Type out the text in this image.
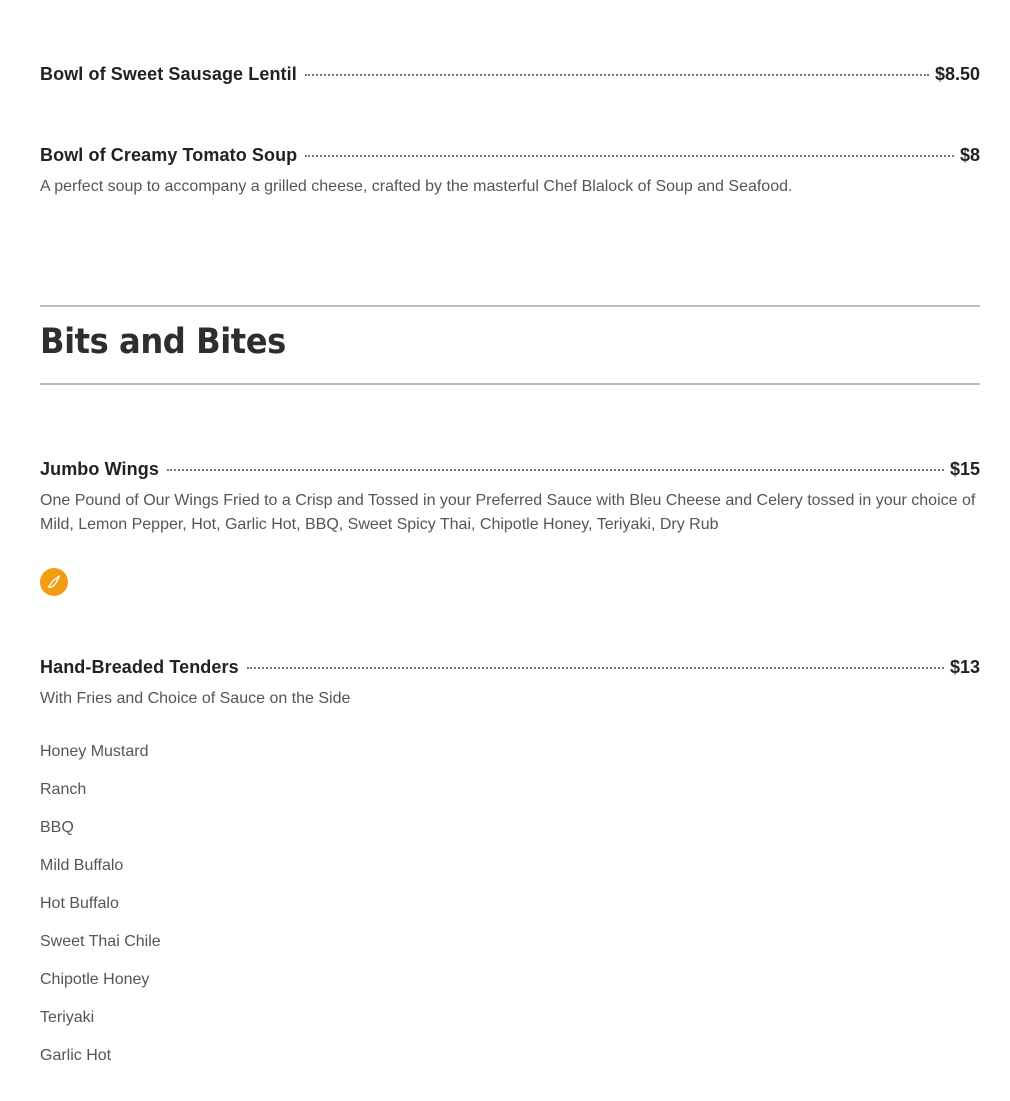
Bowl of Sweet Sausage Lentil	$8.50
Bowl of Creamy Tomato Soup	$8
A perfect soup to accompany a grilled cheese, crafted by the masterful Chef Blalock of Soup and Seafood.
Bits and Bites
Jumbo Wings	$15
One Pound of Our Wings Fried to a Crisp and Tossed in your Preferred Sauce with Bleu Cheese and Celery tossed in your choice of Mild, Lemon Pepper, Hot, Garlic Hot, BBQ, Sweet Spicy Thai, Chipotle Honey, Teriyaki, Dry Rub
Hand-Breaded Tenders	$13
With Fries and Choice of Sauce on the Side
Honey Mustard
Ranch
BBQ
Mild Buffalo
Hot Buffalo
Sweet Thai Chile
Chipotle Honey
Teriyaki
Garlic Hot
